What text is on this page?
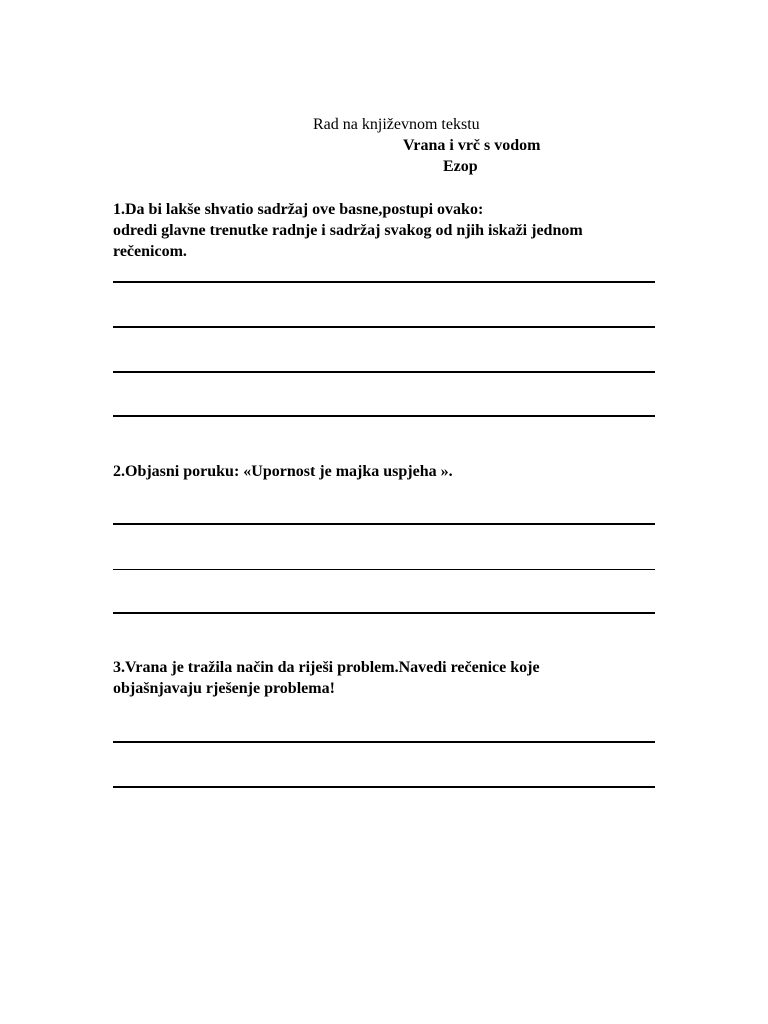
Rad na književnom tekstu
Vrana i vrč s vodom
Ezop
1.Da bi lakše shvatio sadržaj ove basne,postupi ovako:
odredi glavne trenutke radnje i sadržaj svakog od njih iskaži jednom
rečenicom.
2.Objasni poruku: «Upornost je majka uspjeha ».
3.Vrana je tražila način da riješi problem.Navedi rečenice koje
objašnjavaju rješenje problema!
